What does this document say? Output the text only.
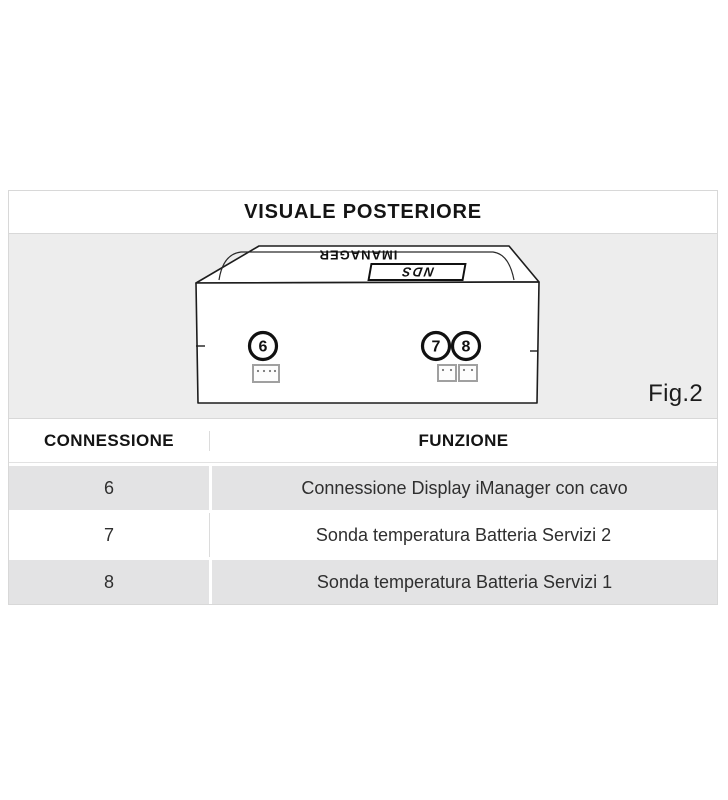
VISUALE POSTERIORE
IMANAGER
NDS
6	7 8
Fig.2
CONNESSIONE	FUNZIONE
6	Connessione Display iManager con cavo
7	Sonda temperatura Batteria Servizi 2
8	Sonda temperatura Batteria Servizi 1
